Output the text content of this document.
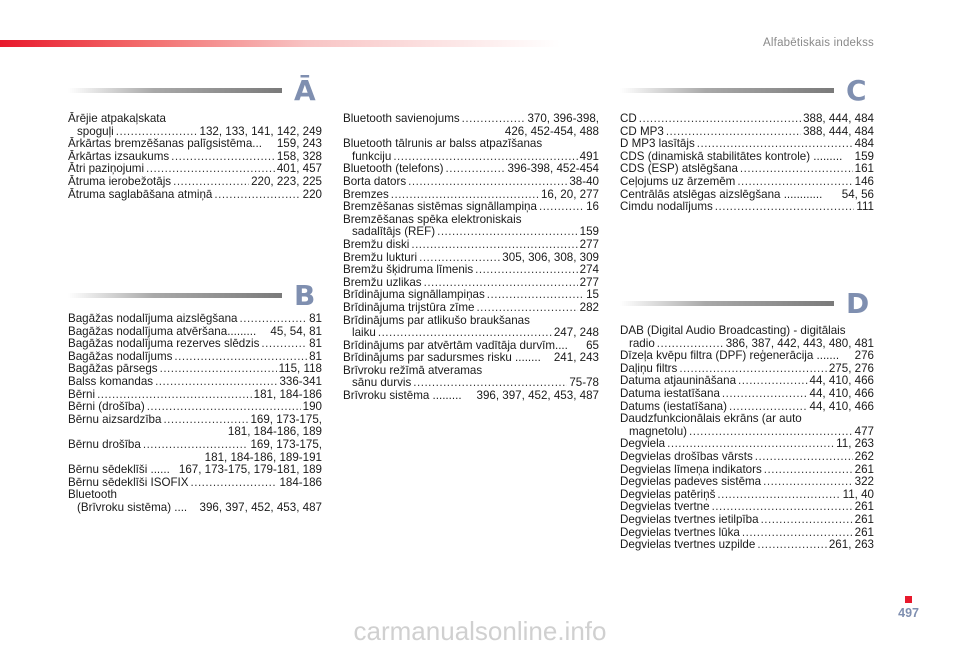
Alfabētiskais indekss
Ā
Ārējie atpakaļskata
spoguļi .....	132, 133, 141, 142, 249
Ārkārtas bremzēšanas palīgsistēma... 159, 243
Ārkārtas izsaukums .....	158, 328
Ātri paziņojumi .....	401, 457
Ātruma ierobežotājs .....	220, 223, 225
Ātruma saglabāšana atmiņā .....	220
B
Bagāžas nodalījuma aizslēgšana .....	81
Bagāžas nodalījuma atvēršana......... 45, 54, 81
Bagāžas nodalījuma rezerves slēdzis .....	81
Bagāžas nodalījums .....	81
Bagāžas pārsegs .....	115, 118
Balss komandas .....	336-341
Bērni .....	181, 184-186
Bērni (drošība) .....	190
Bērnu aizsardzība .....	169, 173-175,
181, 184-186, 189
Bērnu drošība .....	169, 173-175,
181, 184-186, 189-191
Bērnu sēdeklīši ...... 167, 173-175, 179-181, 189
Bērnu sēdeklīši ISOFIX .....	184-186
Bluetooth
(Brīvroku sistēma) .... 396, 397, 452, 453, 487
Bluetooth savienojums .....	370, 396-398,
426, 452-454, 488
Bluetooth tālrunis ar balss atpazīšanas
funkciju .....	491
Bluetooth (telefons) .....	396-398, 452-454
Borta dators .....	38-40
Bremzes .....	16, 20, 277
Bremzēšanas sistēmas signāllampiņa .....	16
Bremzēšanas spēka elektroniskais
sadalītājs (REF) .....	159
Bremžu diski .....	277
Bremžu lukturi .....	305, 306, 308, 309
Bremžu šķidruma līmenis .....	274
Bremžu uzlikas .....	277
Brīdinājuma signāllampiņas .....	15
Brīdinājuma trijstūra zīme .....	282
Brīdinājums par atlikušo braukšanas
laiku .....	247, 248
Brīdinājums par atvērtām vadītāja durvīm.... 65
Brīdinājums par sadursmes risku ........ 241, 243
Brīvroku režīmā atveramas
sānu durvis .....	75-78
Brīvroku sistēma ......... 396, 397, 452, 453, 487
C
CD .....	388, 444, 484
CD MP3 .....	388, 444, 484
D MP3 lasītājs .....	484
CDS (dinamiskā stabilitātes kontrole) ......... 159
CDS (ESP) atslēgšana .....	161
Ceļojums uz ārzemēm .....	146
Centrālās atslēgas aizslēgšana ............ 54, 56
Cimdu nodalījums .....	111
D
DAB (Digital Audio Broadcasting) - digitālais
radio .....	386, 387, 442, 443, 480, 481
Dīzeļa kvēpu filtra (DPF) reģenerācija ....... 276
Daļiņu filtrs .....	275, 276
Datuma atjaunināšana .....	44, 410, 466
Datuma iestatīšana .....	44, 410, 466
Datums (iestatīšana) .....	44, 410, 466
Daudzfunkcionālais ekrāns (ar auto
magnetolu) .....	477
Degviela .....	11, 263
Degvielas drošības vārsts .....	262
Degvielas līmeņa indikators .....	261
Degvielas padeves sistēma .....	322
Degvielas patēriņš .....	11, 40
Degvielas tvertne .....	261
Degvielas tvertnes ietilpība .....	261
Degvielas tvertnes lūka .....	261
Degvielas tvertnes uzpilde .....	261, 263
497
carmanualsonline.info
